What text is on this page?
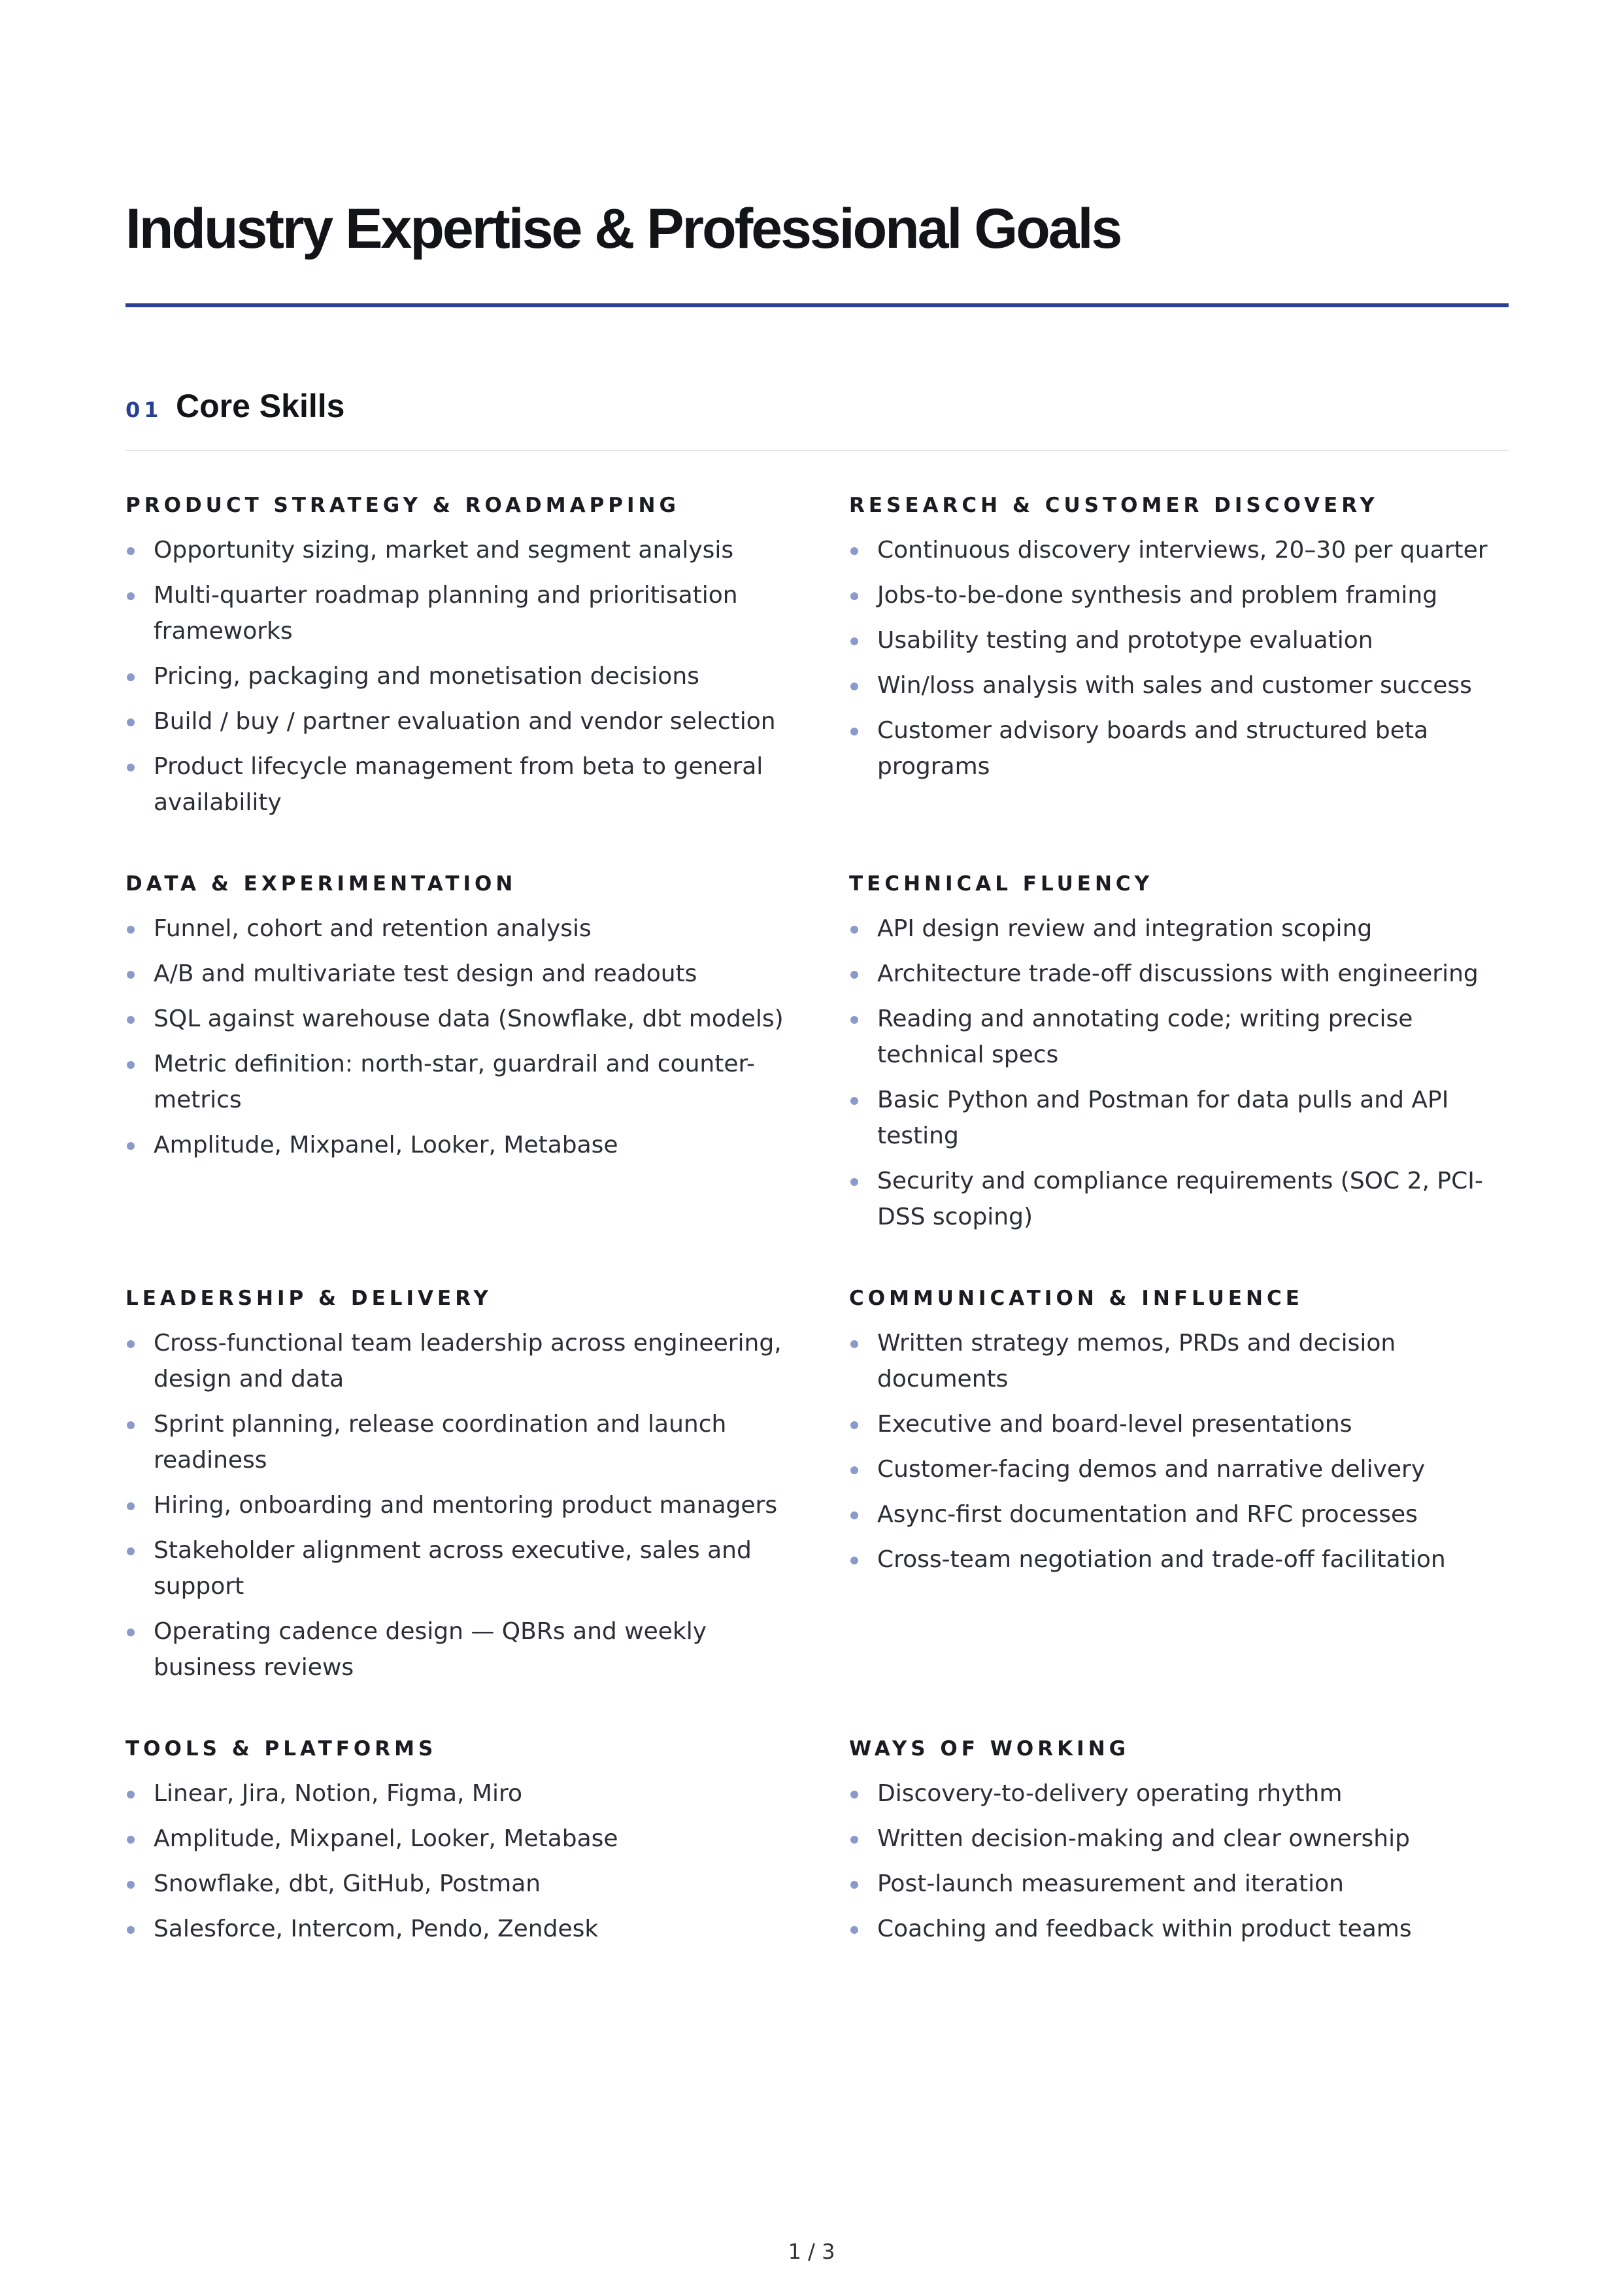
Industry Expertise & Professional Goals
01 Core Skills
PRODUCT STRATEGY & ROADMAPPING
Opportunity sizing, market and segment analysis
Multi-quarter roadmap planning and prioritisation frameworks
Pricing, packaging and monetisation decisions
Build / buy / partner evaluation and vendor selection
Product lifecycle management from beta to general availability
RESEARCH & CUSTOMER DISCOVERY
Continuous discovery interviews, 20–30 per quarter
Jobs-to-be-done synthesis and problem framing
Usability testing and prototype evaluation
Win/loss analysis with sales and customer success
Customer advisory boards and structured beta programs
DATA & EXPERIMENTATION
Funnel, cohort and retention analysis
A/B and multivariate test design and readouts
SQL against warehouse data (Snowflake, dbt models)
Metric definition: north-star, guardrail and counter-metrics
Amplitude, Mixpanel, Looker, Metabase
TECHNICAL FLUENCY
API design review and integration scoping
Architecture trade-off discussions with engineering
Reading and annotating code; writing precise technical specs
Basic Python and Postman for data pulls and API testing
Security and compliance requirements (SOC 2, PCI-DSS scoping)
LEADERSHIP & DELIVERY
Cross-functional team leadership across engineering, design and data
Sprint planning, release coordination and launch readiness
Hiring, onboarding and mentoring product managers
Stakeholder alignment across executive, sales and support
Operating cadence design — QBRs and weekly business reviews
COMMUNICATION & INFLUENCE
Written strategy memos, PRDs and decision documents
Executive and board-level presentations
Customer-facing demos and narrative delivery
Async-first documentation and RFC processes
Cross-team negotiation and trade-off facilitation
TOOLS & PLATFORMS
Linear, Jira, Notion, Figma, Miro
Amplitude, Mixpanel, Looker, Metabase
Snowflake, dbt, GitHub, Postman
Salesforce, Intercom, Pendo, Zendesk
WAYS OF WORKING
Discovery-to-delivery operating rhythm
Written decision-making and clear ownership
Post-launch measurement and iteration
Coaching and feedback within product teams
1 / 3
